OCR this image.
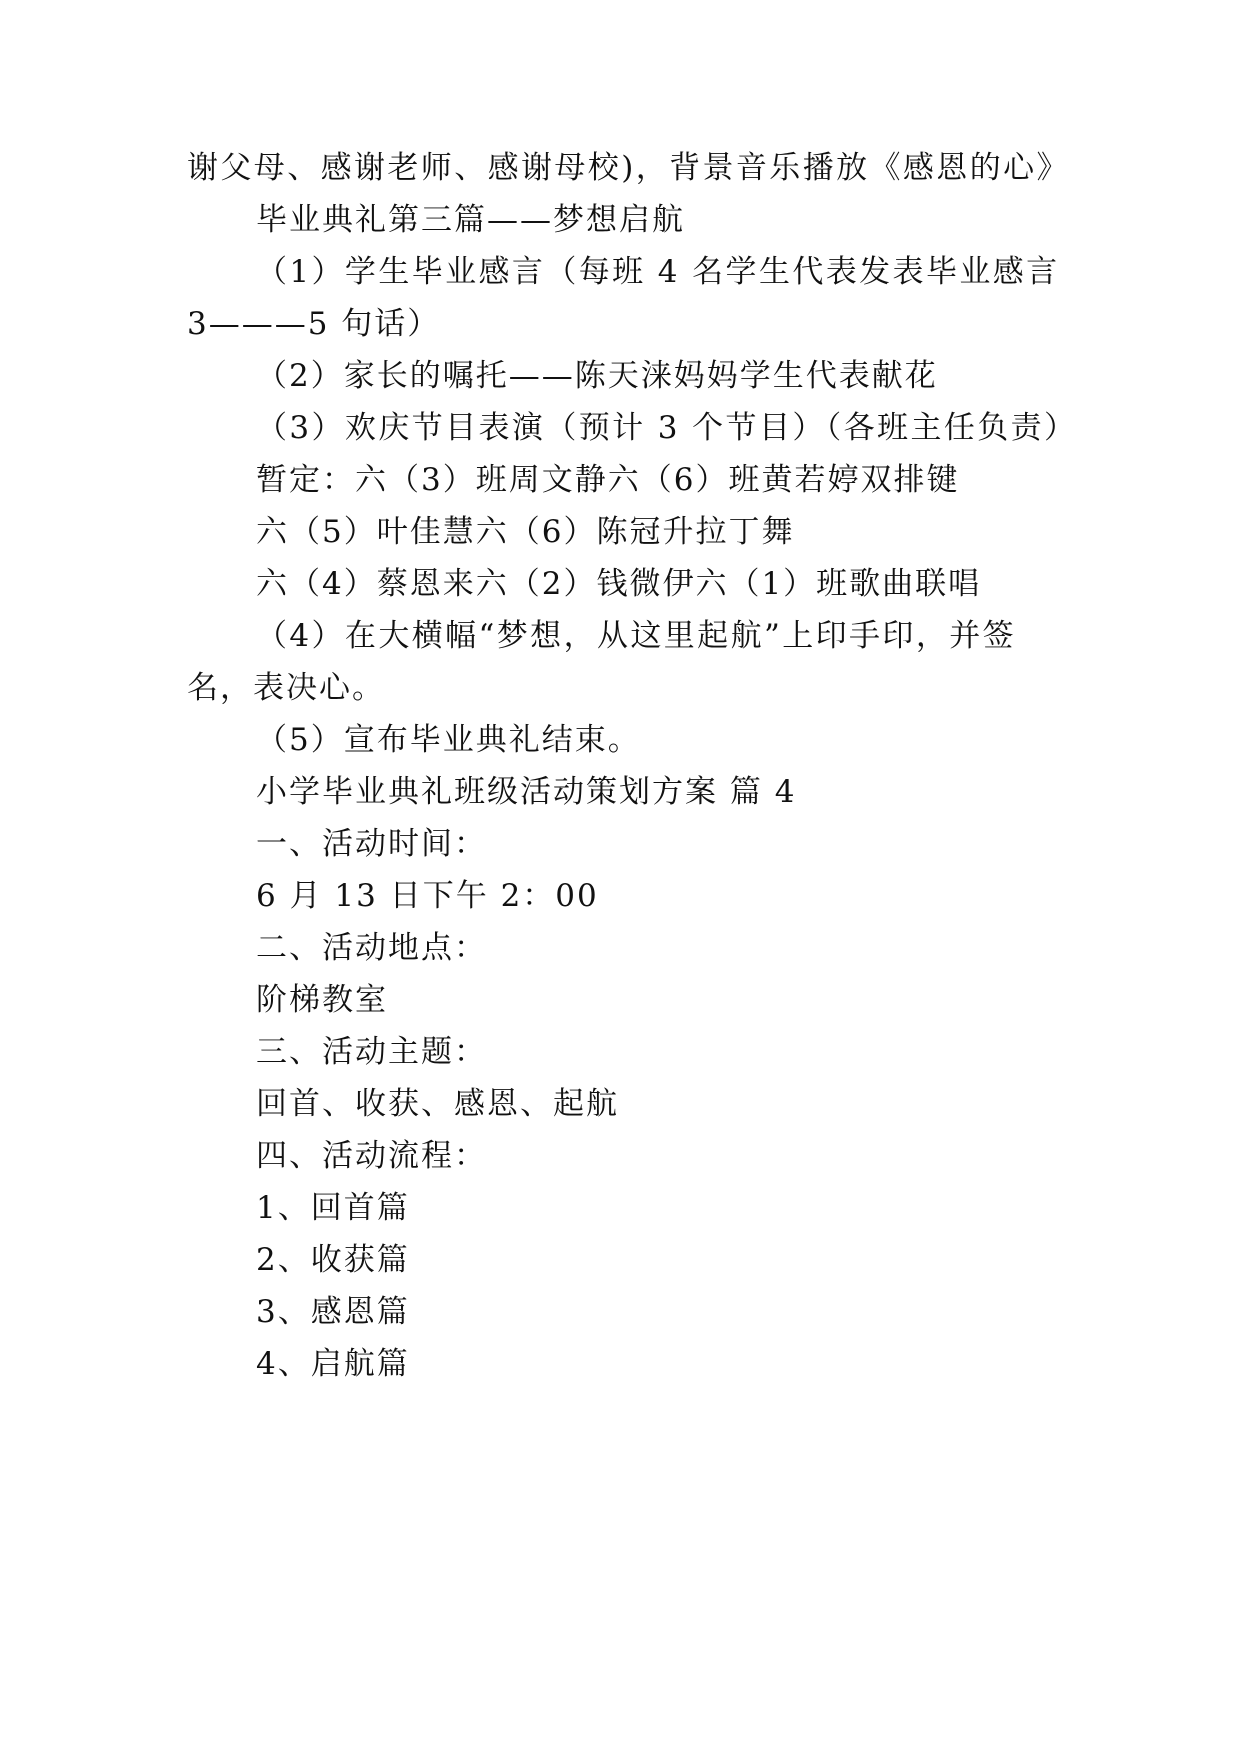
谢父母、感谢老师、感谢母校)，背景音乐播放《感恩的心》
毕业典礼第三篇——梦想启航
（1）学生毕业感言（每班 4 名学生代表发表毕业感言
3———5 句话）
（2）家长的嘱托——陈天涞妈妈学生代表献花
（3）欢庆节目表演（预计 3 个节目）（各班主任负责）
暂定：六（3）班周文静六（6）班黄若婷双排键
六（5）叶佳慧六（6）陈冠升拉丁舞
六（4）蔡恩来六（2）钱微伊六（1）班歌曲联唱
（4）在大横幅“梦想，从这里起航”上印手印，并签
名，表决心。
（5）宣布毕业典礼结束。
小学毕业典礼班级活动策划方案 篇 4
一、活动时间：
6 月 13 日下午 2：00
二、活动地点：
阶梯教室
三、活动主题：
回首、收获、感恩、起航
四、活动流程：
1、回首篇
2、收获篇
3、感恩篇
4、启航篇
